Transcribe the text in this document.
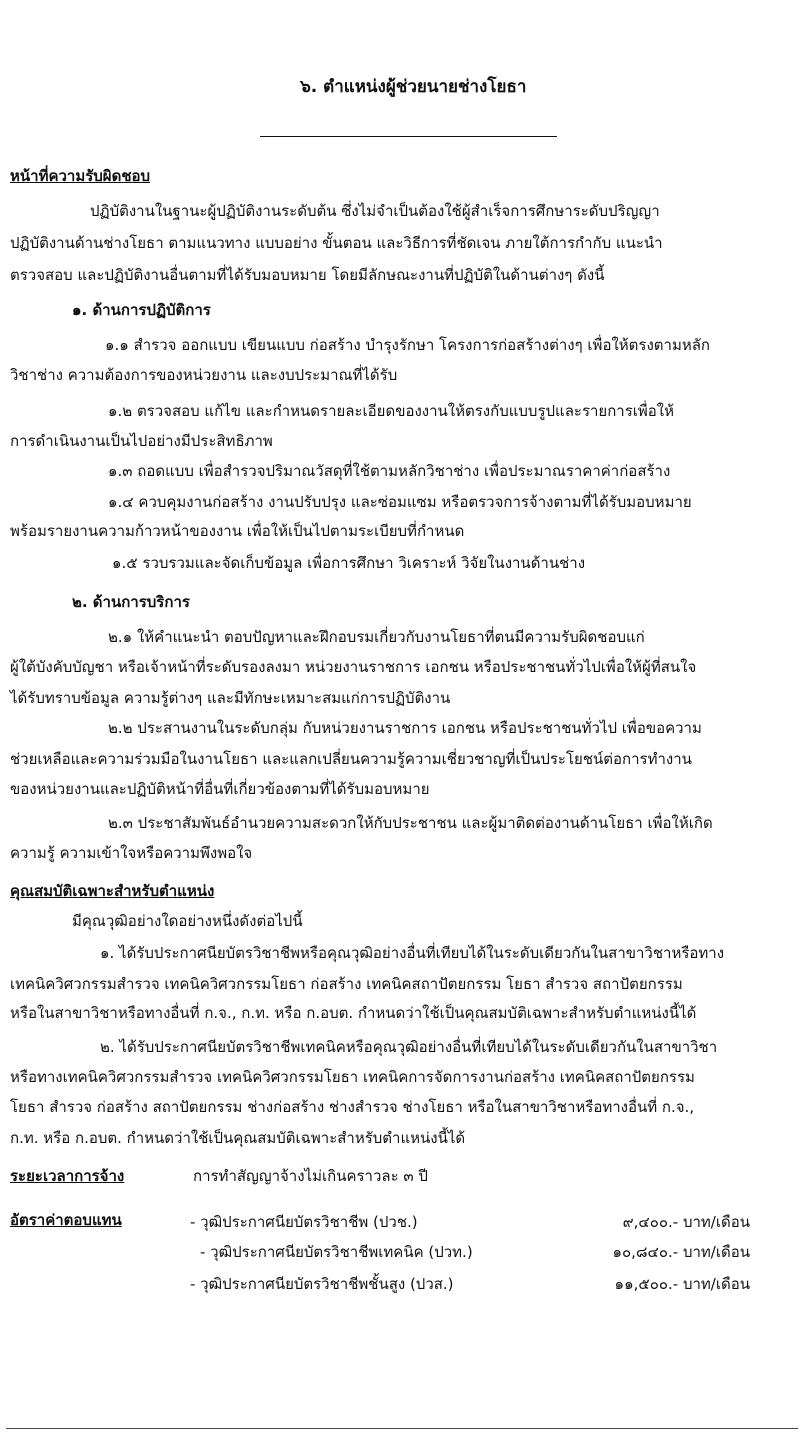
๖. ตำแหน่งผู้ช่วยนายช่างโยธา
หน้าที่ความรับผิดชอบ
ปฏิบัติงานในฐานะผู้ปฏิบัติงานระดับต้น ซึ่งไม่จำเป็นต้องใช้ผู้สำเร็จการศึกษาระดับปริญญา
ปฏิบัติงานด้านช่างโยธา ตามแนวทาง แบบอย่าง ขั้นตอน และวิธีการที่ชัดเจน ภายใต้การกำกับ แนะนำ
ตรวจสอบ และปฏิบัติงานอื่นตามที่ได้รับมอบหมาย โดยมีลักษณะงานที่ปฏิบัติในด้านต่างๆ ดังนี้
๑. ด้านการปฏิบัติการ
๑.๑ สำรวจ ออกแบบ เขียนแบบ ก่อสร้าง บำรุงรักษา โครงการก่อสร้างต่างๆ เพื่อให้ตรงตามหลัก
วิชาช่าง ความต้องการของหน่วยงาน และงบประมาณที่ได้รับ
๑.๒ ตรวจสอบ แก้ไข และกำหนดรายละเอียดของงานให้ตรงกับแบบรูปและรายการเพื่อให้
การดำเนินงานเป็นไปอย่างมีประสิทธิภาพ
๑.๓ ถอดแบบ เพื่อสำรวจปริมาณวัสดุที่ใช้ตามหลักวิชาช่าง เพื่อประมาณราคาค่าก่อสร้าง
๑.๔ ควบคุมงานก่อสร้าง งานปรับปรุง และซ่อมแซม หรือตรวจการจ้างตามที่ได้รับมอบหมาย
พร้อมรายงานความก้าวหน้าของงาน เพื่อให้เป็นไปตามระเบียบที่กำหนด
๑.๕ รวบรวมและจัดเก็บข้อมูล เพื่อการศึกษา วิเคราะห์ วิจัยในงานด้านช่าง
๒. ด้านการบริการ
๒.๑ ให้คำแนะนำ ตอบปัญหาและฝึกอบรมเกี่ยวกับงานโยธาที่ตนมีความรับผิดชอบแก่
ผู้ใต้บังคับบัญชา หรือเจ้าหน้าที่ระดับรองลงมา หน่วยงานราชการ เอกชน หรือประชาชนทั่วไปเพื่อให้ผู้ที่สนใจ
ได้รับทราบข้อมูล ความรู้ต่างๆ และมีทักษะเหมาะสมแก่การปฏิบัติงาน
๒.๒ ประสานงานในระดับกลุ่ม กับหน่วยงานราชการ เอกชน หรือประชาชนทั่วไป เพื่อขอความ
ช่วยเหลือและความร่วมมือในงานโยธา และแลกเปลี่ยนความรู้ความเชี่ยวชาญที่เป็นประโยชน์ต่อการทำงาน
ของหน่วยงานและปฏิบัติหน้าที่อื่นที่เกี่ยวข้องตามที่ได้รับมอบหมาย
๒.๓ ประชาสัมพันธ์อำนวยความสะดวกให้กับประชาชน และผู้มาติดต่องานด้านโยธา เพื่อให้เกิด
ความรู้ ความเข้าใจหรือความพึงพอใจ
คุณสมบัติเฉพาะสำหรับตำแหน่ง
มีคุณวุฒิอย่างใดอย่างหนึ่งดังต่อไปนี้
๑. ได้รับประกาศนียบัตรวิชาชีพหรือคุณวุฒิอย่างอื่นที่เทียบได้ในระดับเดียวกันในสาขาวิชาหรือทาง
เทคนิควิศวกรรมสำรวจ เทคนิควิศวกรรมโยธา ก่อสร้าง เทคนิคสถาปัตยกรรม โยธา สำรวจ สถาปัตยกรรม
หรือในสาขาวิชาหรือทางอื่นที่ ก.จ., ก.ท. หรือ ก.อบต. กำหนดว่าใช้เป็นคุณสมบัติเฉพาะสำหรับตำแหน่งนี้ได้
๒. ได้รับประกาศนียบัตรวิชาชีพเทคนิคหรือคุณวุฒิอย่างอื่นที่เทียบได้ในระดับเดียวกันในสาขาวิชา
หรือทางเทคนิควิศวกรรมสำรวจ เทคนิควิศวกรรมโยธา เทคนิคการจัดการงานก่อสร้าง เทคนิคสถาปัตยกรรม
โยธา สำรวจ ก่อสร้าง สถาปัตยกรรม ช่างก่อสร้าง ช่างสำรวจ ช่างโยธา หรือในสาขาวิชาหรือทางอื่นที่ ก.จ.,
ก.ท. หรือ ก.อบต. กำหนดว่าใช้เป็นคุณสมบัติเฉพาะสำหรับตำแหน่งนี้ได้
ระยะเวลาการจ้าง	การทำสัญญาจ้างไม่เกินคราวละ ๓ ปี
อัตราค่าตอบแทน	- วุฒิประกาศนียบัตรวิชาชีพ (ปวช.)	๙,๔๐๐.- บาท/เดือน
- วุฒิประกาศนียบัตรวิชาชีพเทคนิค (ปวท.)	๑๐,๘๔๐.- บาท/เดือน
- วุฒิประกาศนียบัตรวิชาชีพชั้นสูง (ปวส.)	๑๑,๕๐๐.- บาท/เดือน
